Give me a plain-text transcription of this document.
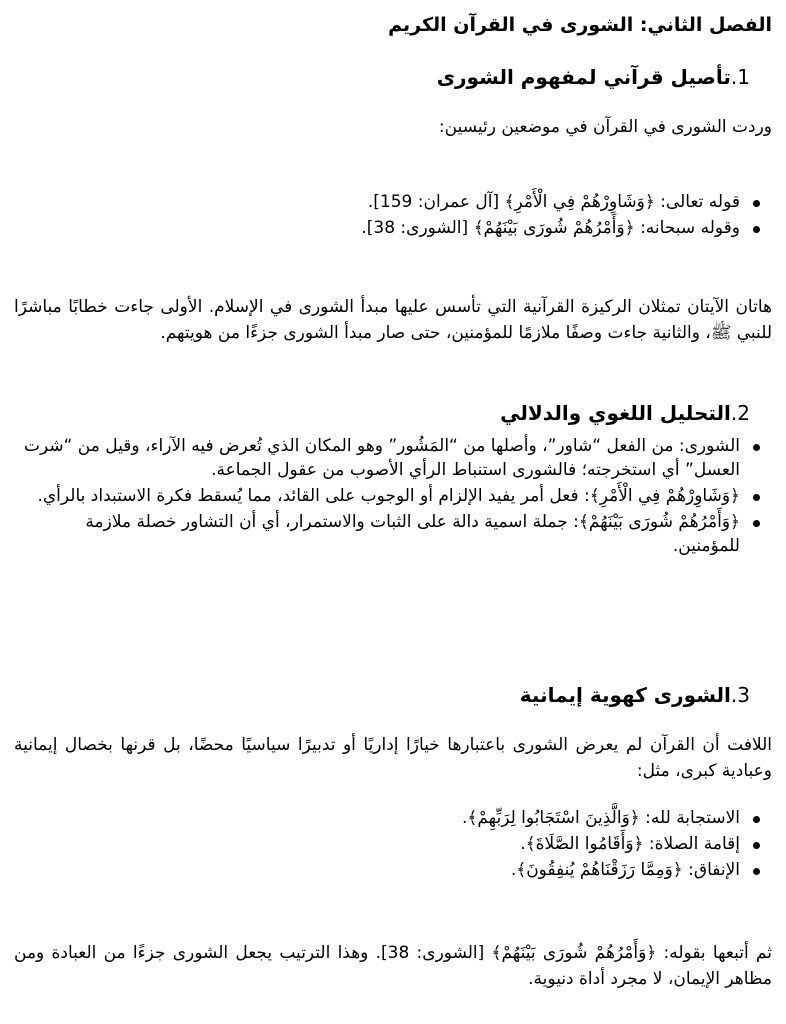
الفصل الثاني: الشورى في القرآن الكريم
1.تأصيل قرآني لمفهوم الشورى
وردت الشورى في القرآن في موضعين رئيسين:
قوله تعالى: ﴿وَشَاوِرْهُمْ فِي الْأَمْرِ﴾ [آل عمران: 159].
وقوله سبحانه: ﴿وَأَمْرُهُمْ شُورَى بَيْنَهُمْ﴾ [الشورى: 38].
هاتان الآيتان تمثلان الركيزة القرآنية التي تأسس عليها مبدأ الشورى في الإسلام. الأولى جاءت خطابًا مباشرًا للنبي ﷺ، والثانية جاءت وصفًا ملازمًا للمؤمنين، حتى صار مبدأ الشورى جزءًا من هويتهم.
2.التحليل اللغوي والدلالي
الشورى: من الفعل “شاور”، وأصلها من “المَشُور” وهو المكان الذي تُعرض فيه الآراء، وقيل من “شرت العسل” أي استخرجته؛ فالشورى استنباط الرأي الأصوب من عقول الجماعة.
﴿وَشَاوِرْهُمْ فِي الْأَمْرِ﴾: فعل أمر يفيد الإلزام أو الوجوب على القائد، مما يُسقط فكرة الاستبداد بالرأي.
﴿وَأَمْرُهُمْ شُورَى بَيْنَهُمْ﴾: جملة اسمية دالة على الثبات والاستمرار، أي أن التشاور خصلة ملازمة للمؤمنين.
3.الشورى كهوية إيمانية
اللافت أن القرآن لم يعرض الشورى باعتبارها خيارًا إداريًا أو تدبيرًا سياسيًا محضًا، بل قرنها بخصال إيمانية وعبادية كبرى، مثل:
الاستجابة لله: ﴿وَالَّذِينَ اسْتَجَابُوا لِرَبِّهِمْ﴾.
إقامة الصلاة: ﴿وَأَقَامُوا الصَّلَاةَ﴾.
الإنفاق: ﴿وَمِمَّا رَزَقْنَاهُمْ يُنفِقُونَ﴾.
ثم أتبعها بقوله: ﴿وَأَمْرُهُمْ شُورَى بَيْنَهُمْ﴾ [الشورى: 38]. وهذا الترتيب يجعل الشورى جزءًا من العبادة ومن مظاهر الإيمان، لا مجرد أداة دنيوية.
